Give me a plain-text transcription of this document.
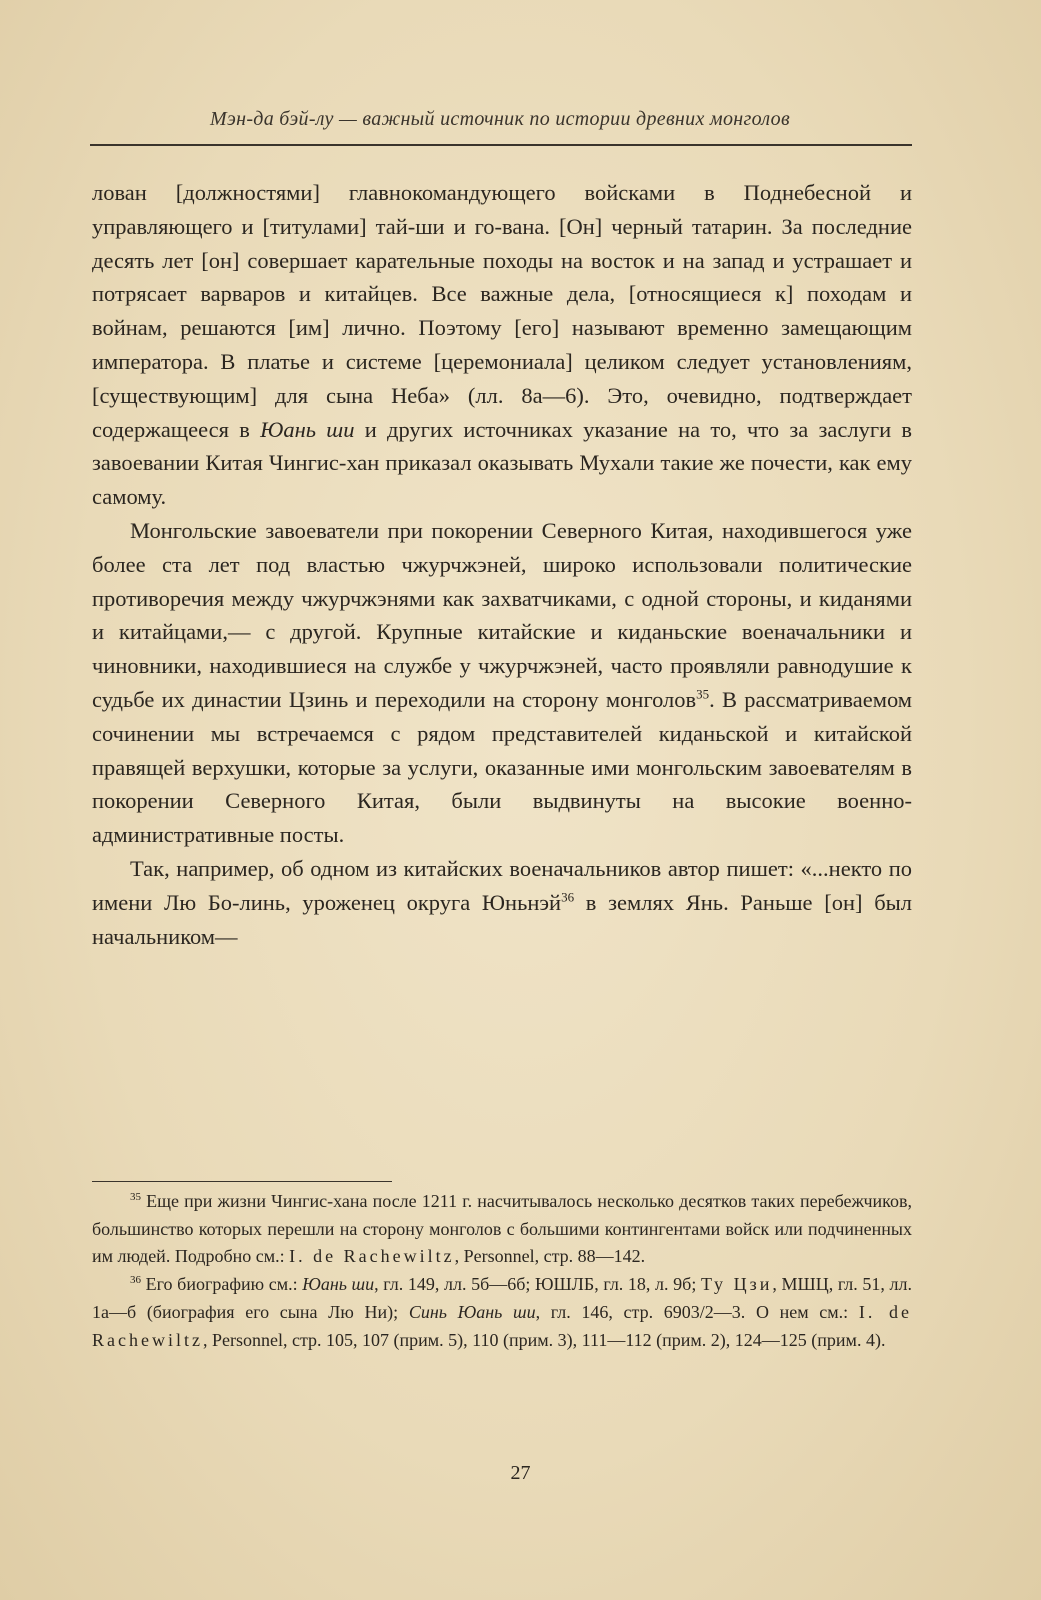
Мэн-да бэй-лу — важный источник по истории древних монголов

лован [должностями] главнокомандующего войсками в Поднебесной и управляющего и [титулами] тай-ши и го-вана. [Он] черный татарин. За последние десять лет [он] совершает карательные походы на восток и на запад и устрашает и потрясает варваров и китайцев. Все важные дела, [относящиеся к] походам и войнам, решаются [им] лично. Поэтому [его] называют временно замещающим императора. В платье и системе [церемониала] целиком следует установлениям, [существующим] для сына Неба» (лл. 8а—6). Это, очевидно, подтверждает содержащееся в Юань ши и других источниках указание на то, что за заслуги в завоевании Китая Чингис-хан приказал оказывать Мухали такие же почести, как ему самому.

Монгольские завоеватели при покорении Северного Китая, находившегося уже более ста лет под властью чжурчжэней, широко использовали политические противоречия между чжурчжэнями как захватчиками, с одной стороны, и киданями и китайцами,— с другой. Крупные китайские и киданьские военачальники и чиновники, находившиеся на службе у чжурчжэней, часто проявляли равнодушие к судьбе их династии Цзинь и переходили на сторону монголов$^{35}$. В рассматриваемом сочинении мы встречаемся с рядом представителей киданьской и китайской правящей верхушки, которые за услуги, оказанные ими монгольским завоевателям в покорении Северного Китая, были выдвинуты на высокие военно-административные посты.

Так, например, об одном из китайских военачальников автор пишет: «...некто по имени Лю Бо-линь, уроженец округа Юньнэй$^{36}$ в землях Янь. Раньше [он] был начальником—

$^{35}$ Еще при жизни Чингис-хана после 1211 г. насчитывалось несколько десятков таких перебежчиков, большинство которых перешли на сторону монголов с большими контингентами войск или подчиненных им людей. Подробно см.: I. de Rachewiltz, Personnel, стр. 88—142.

$^{36}$ Его биографию см.: Юань ши, гл. 149, лл. 5б—6б; ЮШЛБ, гл. 18, л. 9б; Ту Цзи, МШЦ, гл. 51, лл. 1а—б (биография его сына Лю Ни); Синь Юань ши, гл. 146, стр. 6903/2—3. О нем см.: I. de Rachewiltz, Personnel, стр. 105, 107 (прим. 5), 110 (прим. 3), 111—112 (прим. 2), 124—125 (прим. 4).

27
